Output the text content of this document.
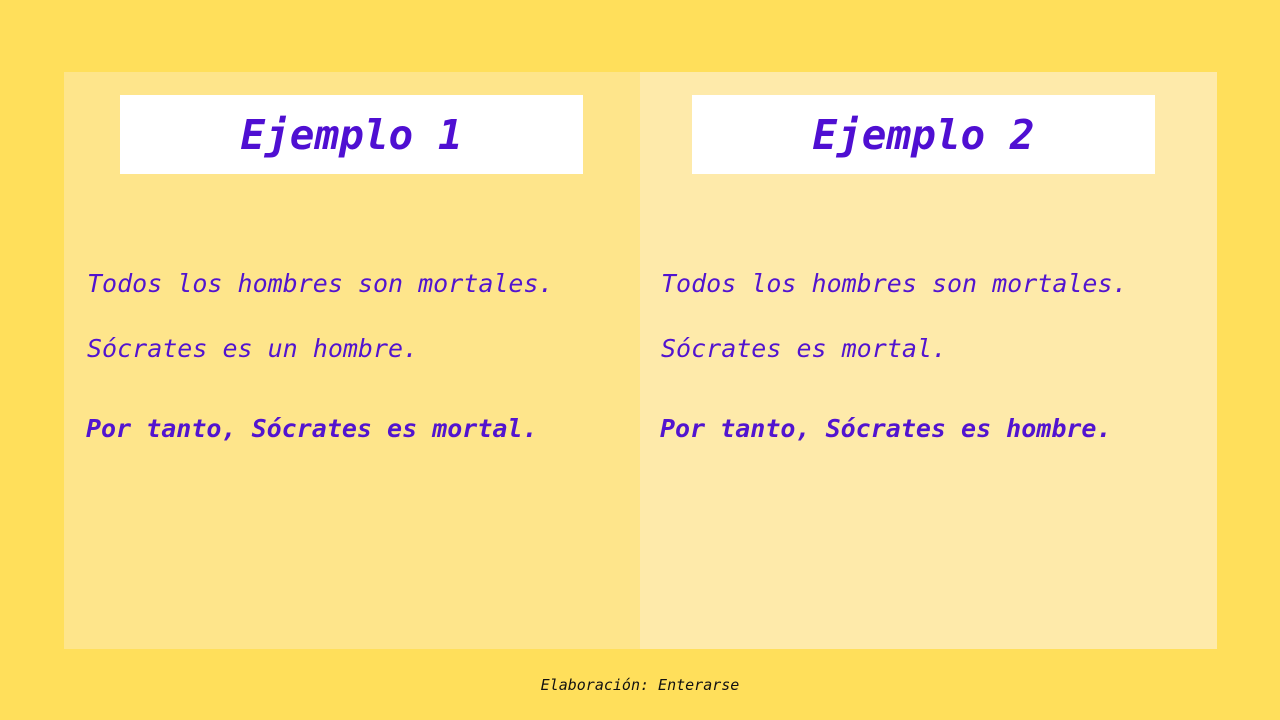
Ejemplo 1
Todos los hombres son mortales.
Sócrates es un hombre.
Por tanto, Sócrates es mortal.
Ejemplo 2
Todos los hombres son mortales.
Sócrates es mortal.
Por tanto, Sócrates es hombre.
Elaboración: Enterarse
